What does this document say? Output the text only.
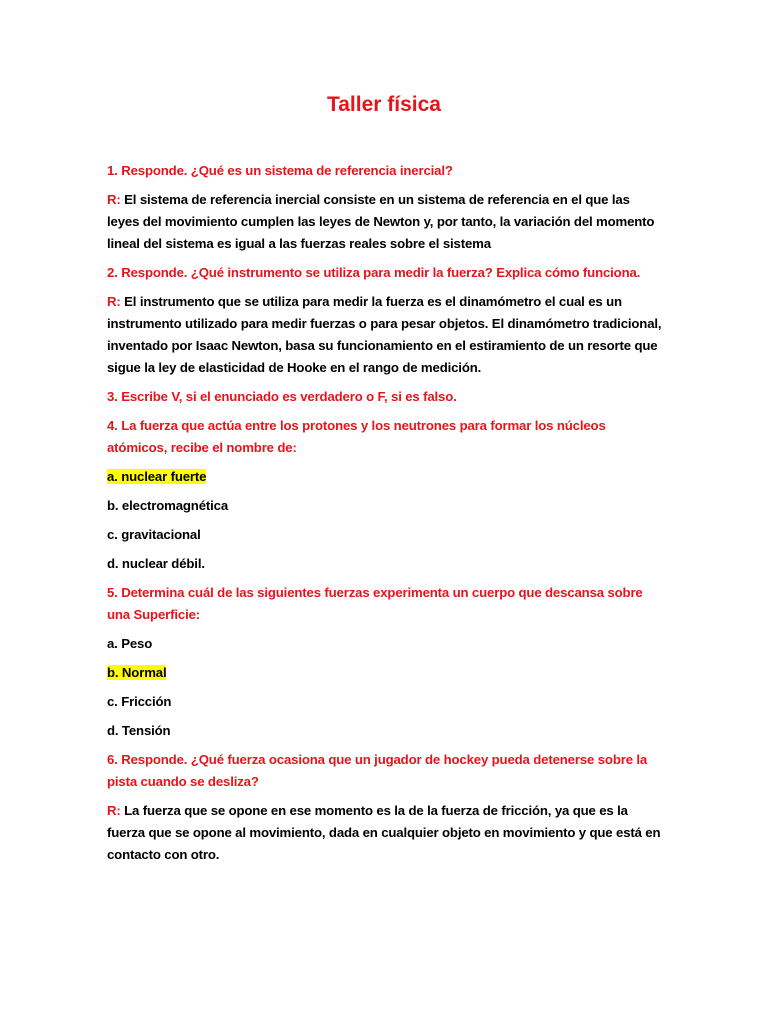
Taller física

1. Responde. ¿Qué es un sistema de referencia inercial?

R: El sistema de referencia inercial consiste en un sistema de referencia en el que las leyes del movimiento cumplen las leyes de Newton y, por tanto, la variación del momento lineal del sistema es igual a las fuerzas reales sobre el sistema

2. Responde. ¿Qué instrumento se utiliza para medir la fuerza? Explica cómo funciona.

R: El instrumento que se utiliza para medir la fuerza es el dinamómetro el cual es un instrumento utilizado para medir fuerzas o para pesar objetos. El dinamómetro tradicional, inventado por Isaac Newton, basa su funcionamiento en el estiramiento de un resorte que sigue la ley de elasticidad de Hooke en el rango de medición.

3. Escribe V, si el enunciado es verdadero o F, si es falso.

4. La fuerza que actúa entre los protones y los neutrones para formar los núcleos atómicos, recibe el nombre de:

a. nuclear fuerte

b. electromagnética

c. gravitacional

d. nuclear débil.

5. Determina cuál de las siguientes fuerzas experimenta un cuerpo que descansa sobre una Superficie:

a. Peso

b. Normal

c. Fricción

d. Tensión

6. Responde. ¿Qué fuerza ocasiona que un jugador de hockey pueda detenerse sobre la pista cuando se desliza?

R: La fuerza que se opone en ese momento es la de la fuerza de fricción, ya que es la fuerza que se opone al movimiento, dada en cualquier objeto en movimiento y que está en contacto con otro.
